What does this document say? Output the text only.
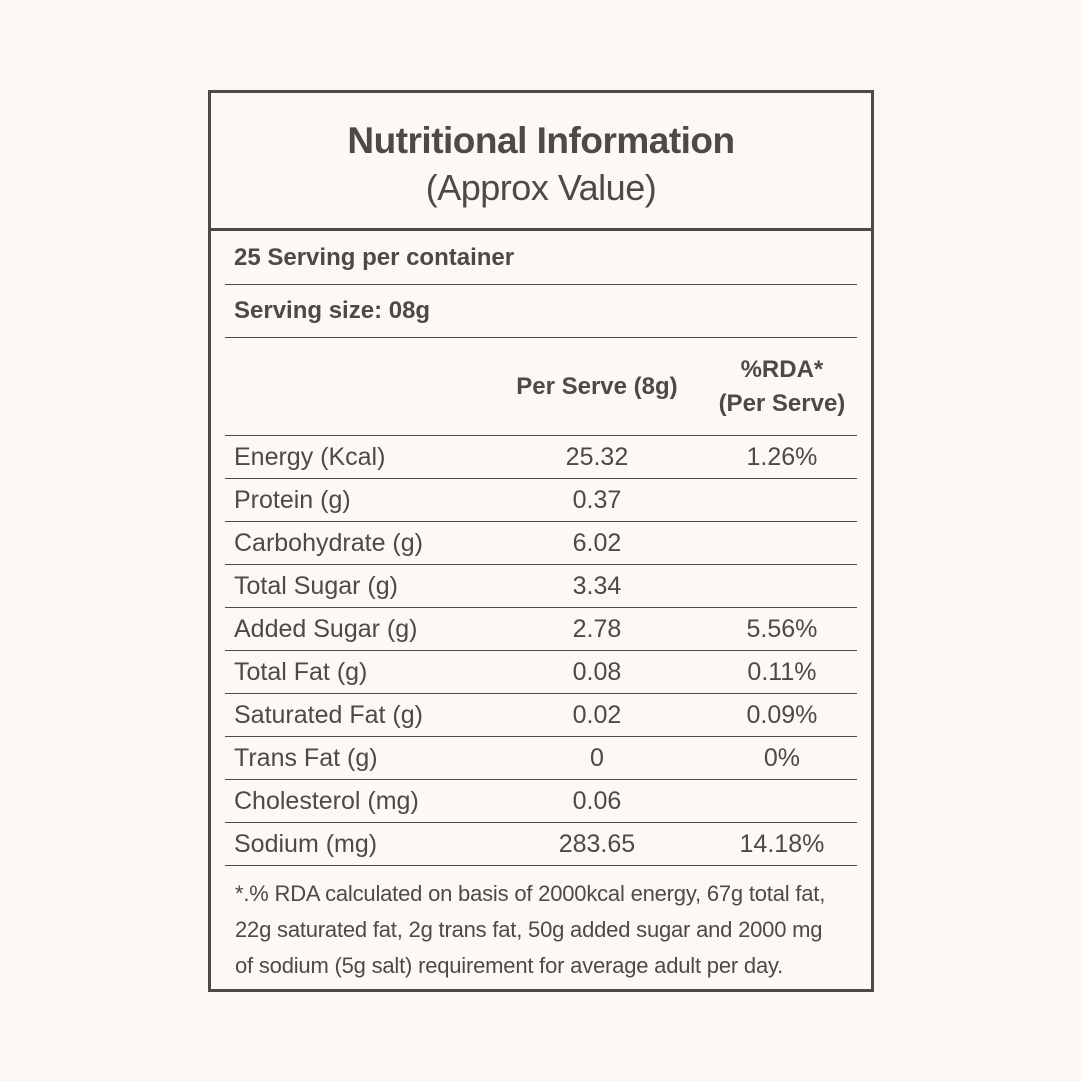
Nutritional Information
(Approx Value)
25 Serving per container
Serving size: 08g
	Per Serve (8g)	%RDA*
(Per Serve)
Energy (Kcal)	25.32	1.26%
Protein (g)	0.37	
Carbohydrate (g)	6.02	
Total Sugar (g)	3.34	
Added Sugar (g)	2.78	5.56%
Total Fat (g)	0.08	0.11%
Saturated Fat (g)	0.02	0.09%
Trans Fat (g)	0	0%
Cholesterol (mg)	0.06	
Sodium (mg)	283.65	14.18%
*.% RDA calculated on basis of 2000kcal energy, 67g total fat,
22g saturated fat, 2g trans fat, 50g added sugar and 2000 mg
of sodium (5g salt) requirement for average adult per day.
